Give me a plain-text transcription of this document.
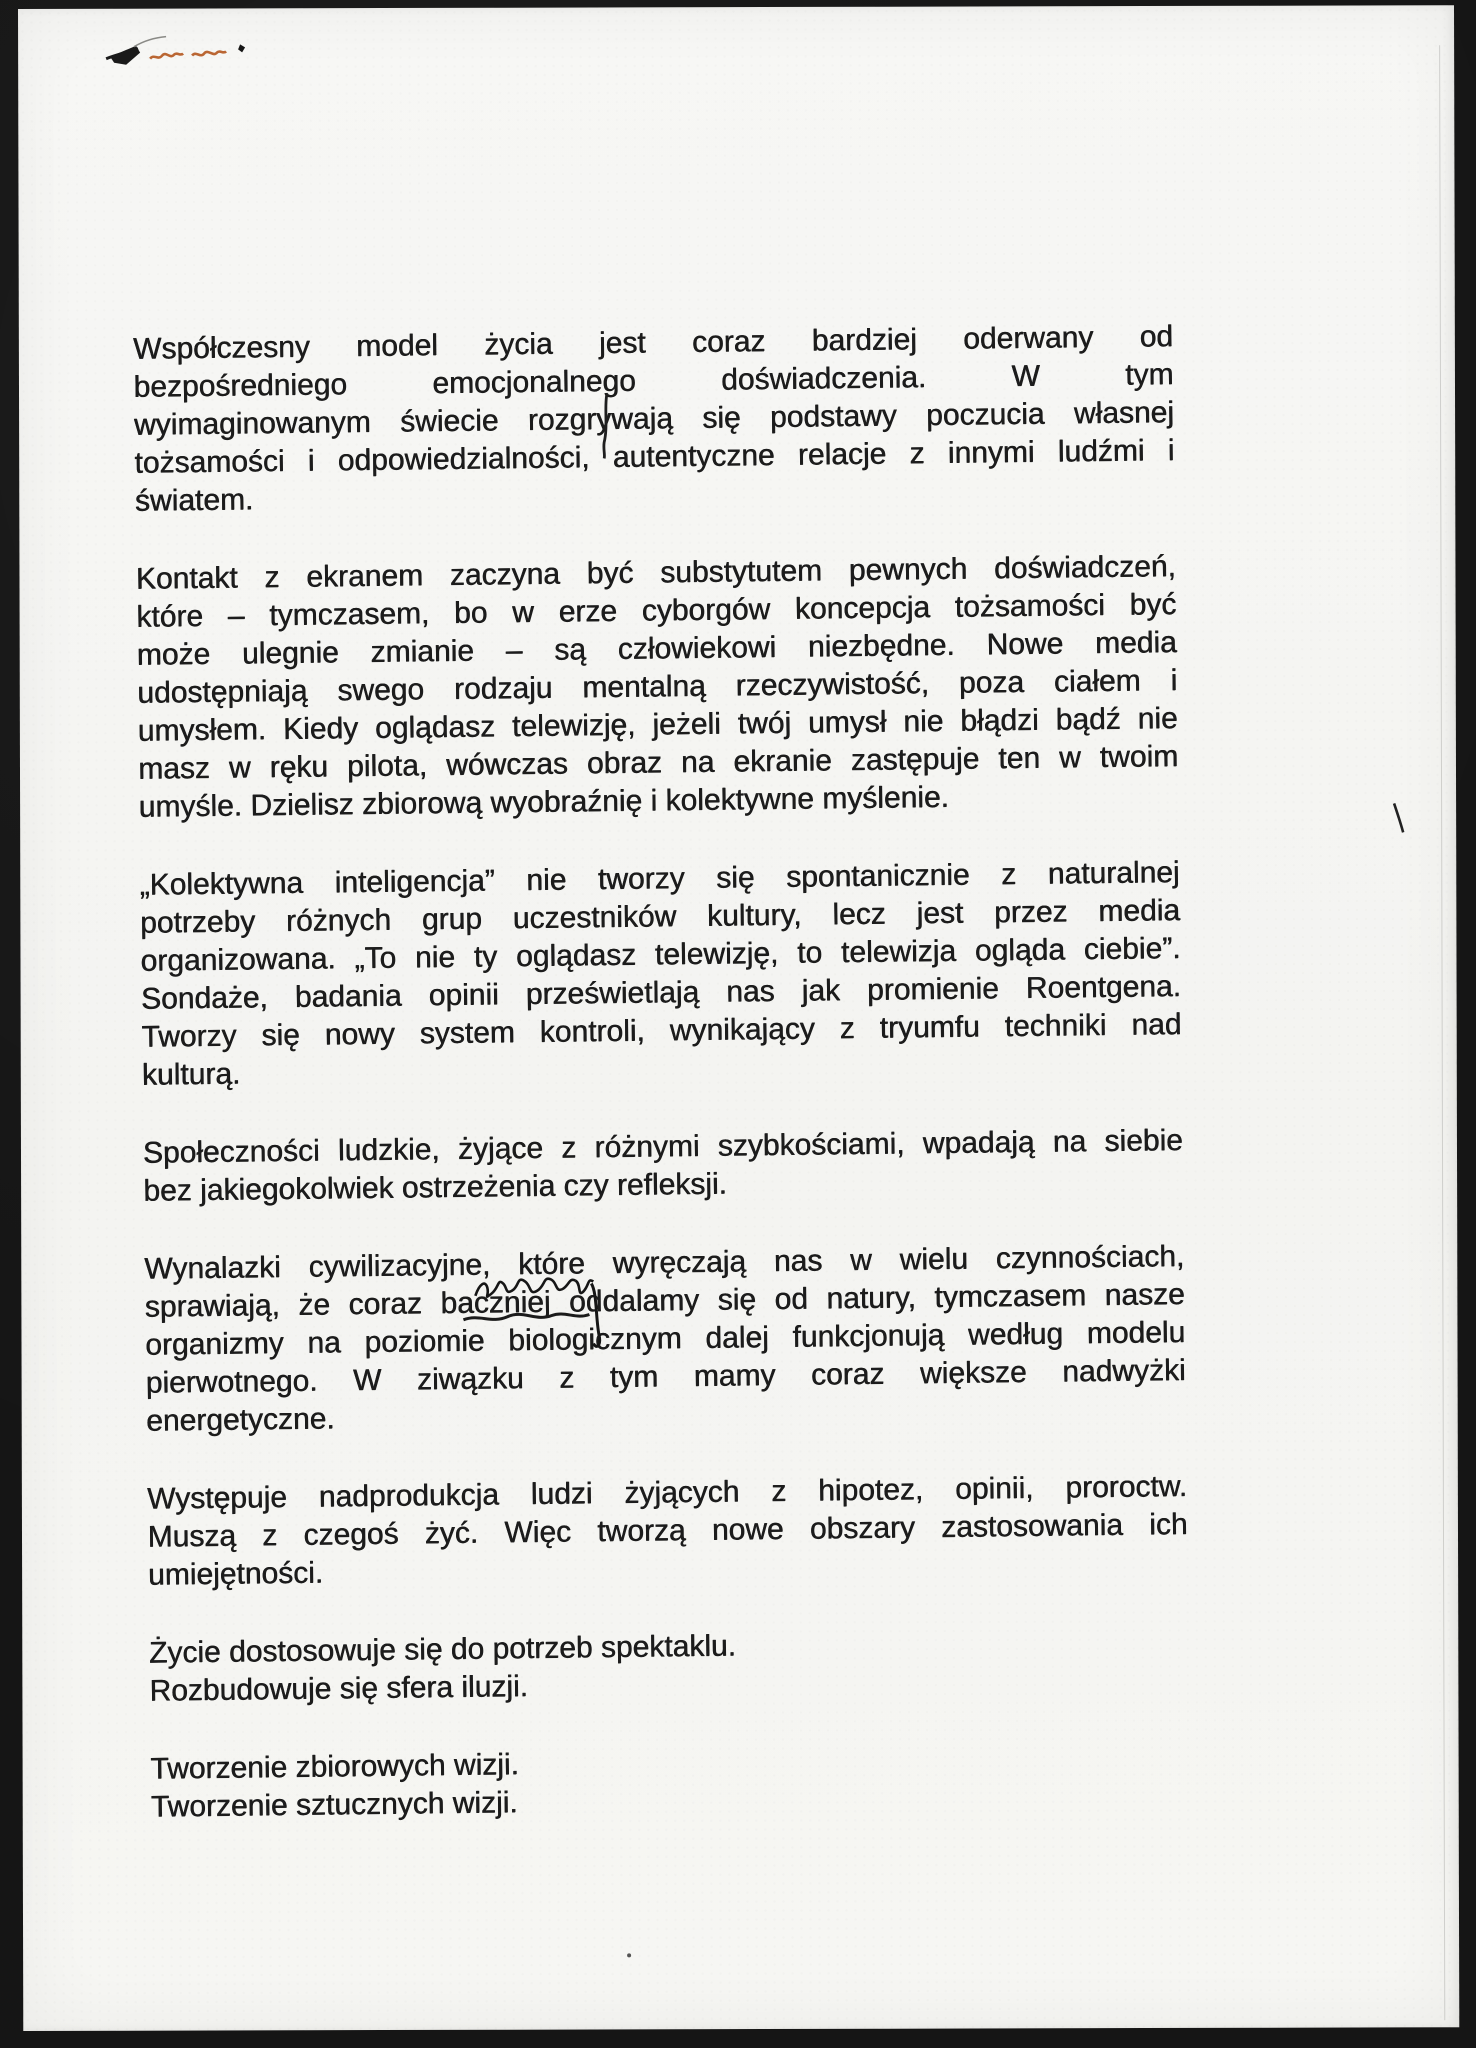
Współczesny model życia jest coraz bardziej oderwany od
bezpośredniego emocjonalnego doświadczenia. W tym
wyimaginowanym świecie rozgrywają się podstawy poczucia własnej
tożsamości i odpowiedzialności, autentyczne relacje z innymi ludźmi i
światem.
Kontakt z ekranem zaczyna być substytutem pewnych doświadczeń,
które – tymczasem, bo w erze cyborgów koncepcja tożsamości być
może ulegnie zmianie – są człowiekowi niezbędne. Nowe media
udostępniają swego rodzaju mentalną rzeczywistość, poza ciałem i
umysłem. Kiedy oglądasz telewizję, jeżeli twój umysł nie błądzi bądź nie
masz w ręku pilota, wówczas obraz na ekranie zastępuje ten w twoim
umyśle. Dzielisz zbiorową wyobraźnię i kolektywne myślenie.
„Kolektywna inteligencja” nie tworzy się spontanicznie z naturalnej
potrzeby różnych grup uczestników kultury, lecz jest przez media
organizowana. „To nie ty oglądasz telewizję, to telewizja ogląda ciebie”.
Sondaże, badania opinii prześwietlają nas jak promienie Roentgena.
Tworzy się nowy system kontroli, wynikający z tryumfu techniki nad
kulturą.
Społeczności ludzkie, żyjące z różnymi szybkościami, wpadają na siebie
bez jakiegokolwiek ostrzeżenia czy refleksji.
Wynalazki cywilizacyjne, które wyręczają nas w wielu czynnościach,
sprawiają, że coraz baczniej oddalamy się od natury, tymczasem nasze
organizmy na poziomie biologicznym dalej funkcjonują według modelu
pierwotnego. W ziwązku z tym mamy coraz większe nadwyżki
energetyczne.
Występuje nadprodukcja ludzi żyjących z hipotez, opinii, proroctw.
Muszą z czegoś żyć. Więc tworzą nowe obszary zastosowania ich
umiejętności.
Życie dostosowuje się do potrzeb spektaklu.
Rozbudowuje się sfera iluzji.
Tworzenie zbiorowych wizji.
Tworzenie sztucznych wizji.
